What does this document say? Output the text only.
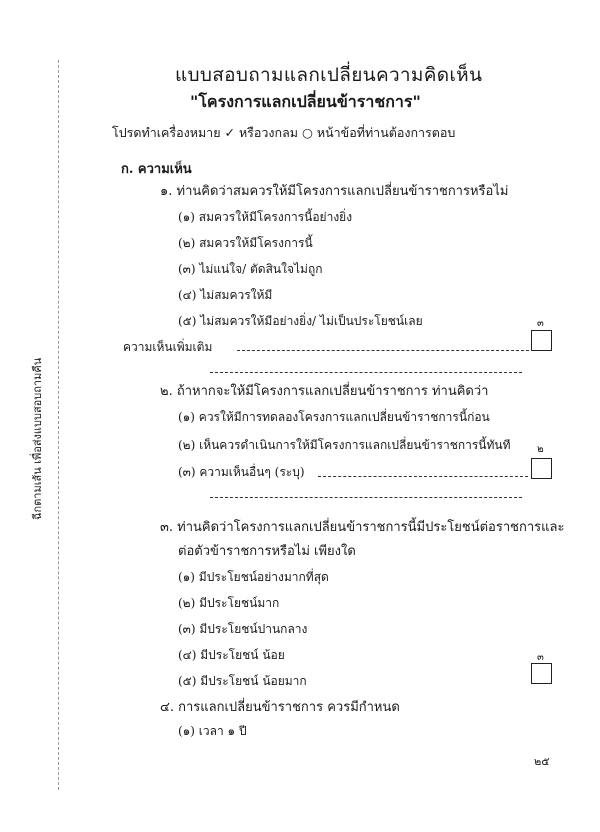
ฉีกตามเส้น เพื่อส่งแบบสอบถามคืน
แบบสอบถามแลกเปลี่ยนความคิดเห็น
"โครงการแลกเปลี่ยนข้าราชการ"
โปรดทำเครื่องหมาย ✓ หรือวงกลม ○ หน้าข้อที่ท่านต้องการตอบ
ก. ความเห็น
๑. ท่านคิดว่าสมควรให้มีโครงการแลกเปลี่ยนข้าราชการหรือไม่
(๑) สมควรให้มีโครงการนี้อย่างยิ่ง
(๒) สมควรให้มีโครงการนี้
(๓) ไม่แน่ใจ/ ตัดสินใจไม่ถูก
(๔) ไม่สมควรให้มี
(๕) ไม่สมควรให้มีอย่างยิ่ง/ ไม่เป็นประโยชน์เลย	๓
ความเห็นเพิ่มเติม
๒. ถ้าหากจะให้มีโครงการแลกเปลี่ยนข้าราชการ ท่านคิดว่า
(๑) ควรให้มีการทดลองโครงการแลกเปลี่ยนข้าราชการนี้ก่อน
(๒) เห็นควรดำเนินการให้มีโครงการแลกเปลี่ยนข้าราชการนี้ทันที	๒
(๓) ความเห็นอื่นๆ (ระบุ)
๓. ท่านคิดว่าโครงการแลกเปลี่ยนข้าราชการนี้มีประโยชน์ต่อราชการและ
ต่อตัวข้าราชการหรือไม่ เพียงใด
(๑) มีประโยชน์อย่างมากที่สุด
(๒) มีประโยชน์มาก
(๓) มีประโยชน์ปานกลาง
(๔) มีประโยชน์ น้อย	๓
(๕) มีประโยชน์ น้อยมาก
๔. การแลกเปลี่ยนข้าราชการ ควรมีกำหนด
(๑) เวลา ๑ ปี
๒๕
